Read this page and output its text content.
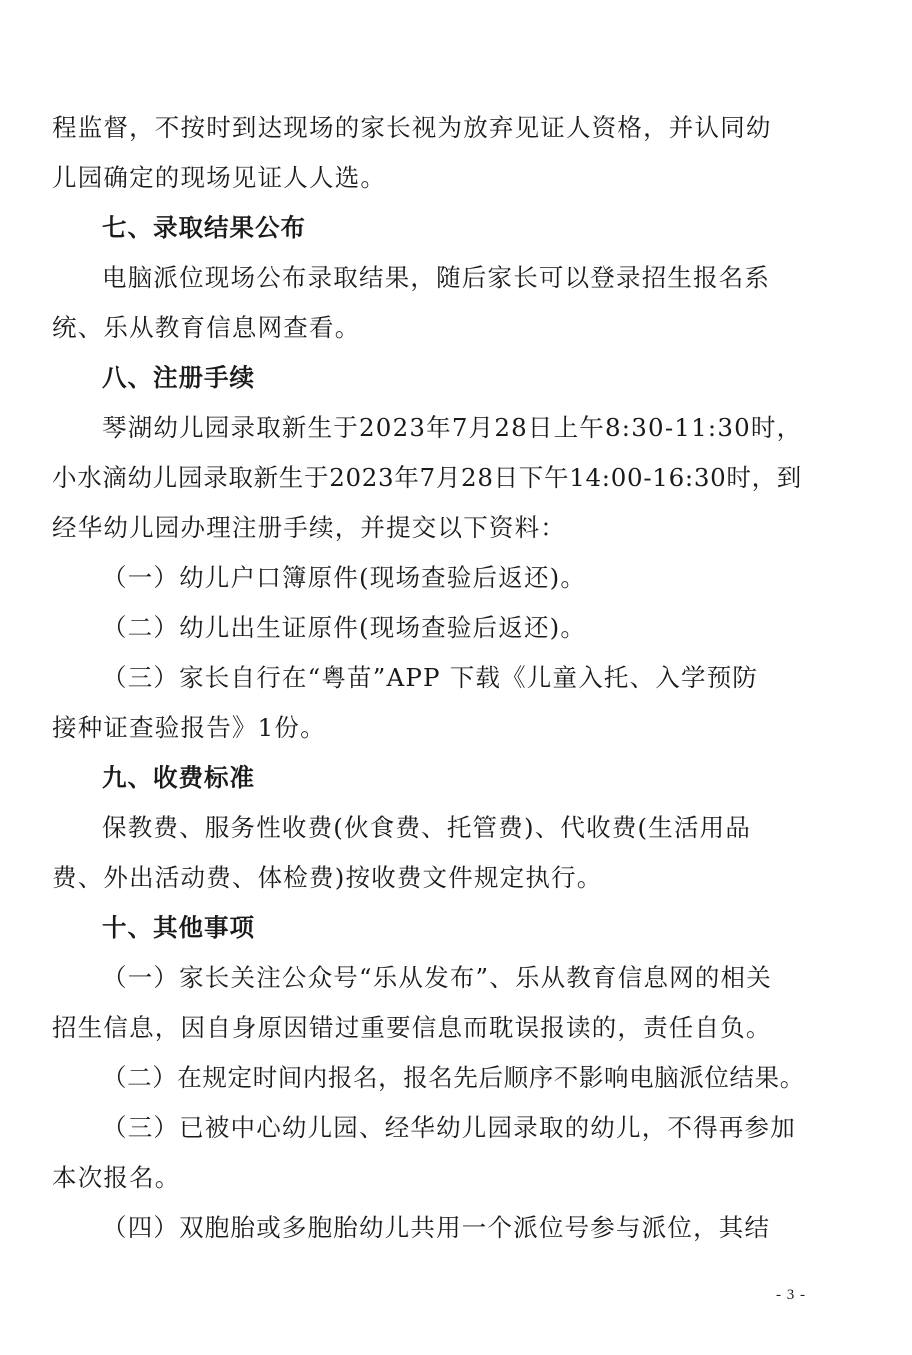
程监督，不按时到达现场的家长视为放弃见证人资格，并认同幼
儿园确定的现场见证人人选。
七、录取结果公布
电脑派位现场公布录取结果，随后家长可以登录招生报名系
统、乐从教育信息网查看。
八、注册手续
琴湖幼儿园录取新生于2023年7月28日上午8:30-11:30时，
小水滴幼儿园录取新生于2023年7月28日下午14:00-16:30时，到
经华幼儿园办理注册手续，并提交以下资料：
（一）幼儿户口簿原件(现场查验后返还)。
（二）幼儿出生证原件(现场查验后返还)。
（三）家长自行在“粤苗”APP 下载《儿童入托、入学预防
接种证查验报告》1份。
九、收费标准
保教费、服务性收费(伙食费、托管费)、代收费(生活用品
费、外出活动费、体检费)按收费文件规定执行。
十、其他事项
（一）家长关注公众号“乐从发布”、乐从教育信息网的相关
招生信息，因自身原因错过重要信息而耽误报读的，责任自负。
（二）在规定时间内报名，报名先后顺序不影响电脑派位结果。
（三）已被中心幼儿园、经华幼儿园录取的幼儿，不得再参加
本次报名。
（四）双胞胎或多胞胎幼儿共用一个派位号参与派位，其结
- 3 -
